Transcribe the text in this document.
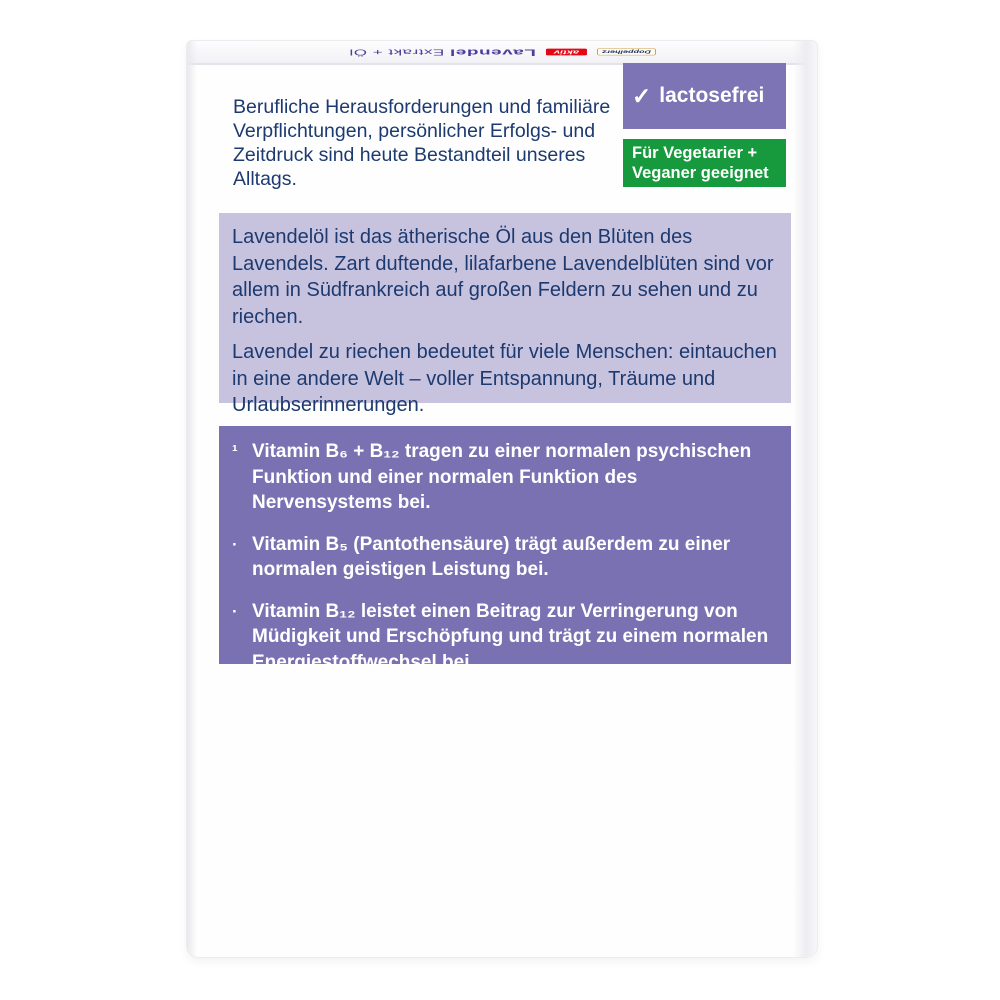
Doppelherz
aktiv
Lavendel Extrakt + Öl
Berufliche Herausforderungen und familiäre Verpflichtungen, persönlicher Erfolgs- und Zeitdruck sind heute Bestandteil unseres Alltags.
✓ lactosefrei
Für Vegetarier +
Veganer geeignet

Lavendelöl ist das ätherische Öl aus den Blüten des Lavendels. Zart duftende, lilafarbene Lavendelblüten sind vor allem in Südfrankreich auf großen Feldern zu sehen und zu riechen.

Lavendel zu riechen bedeutet für viele Menschen: eintauchen in eine andere Welt – voller Entspannung, Träume und Urlaubserinnerungen.

¹ Vitamin B₆ + B₁₂ tragen zu einer normalen psychischen Funktion und einer normalen Funktion des Nervensystems bei.
· Vitamin B₅ (Pantothensäure) trägt außerdem zu einer normalen geistigen Leistung bei.
· Vitamin B₁₂ leistet einen Beitrag zur Verringerung von Müdigkeit und Erschöpfung und trägt zu einem normalen Energiestoffwechsel bei.
